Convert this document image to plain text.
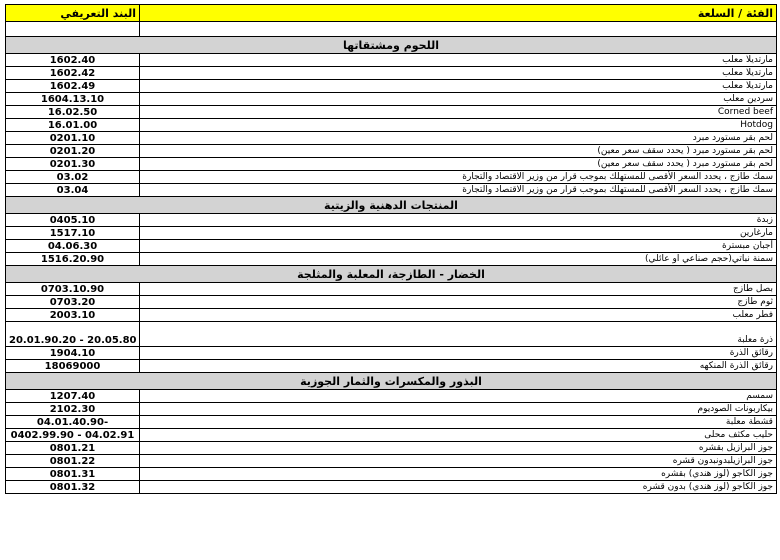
البند التعريفي	الفئة / السلعة

اللحوم ومشتقاتها	
1602.40	مارتديلا معلب
1602.42	مارتديلا معلب
1602.49	مارتديلا معلب
1604.13.10	سردين معلب
16.02.50	Corned beef
16.01.00	Hotdog
0201.10	لحم بقر مستورد مبرد
0201.20	لحم بقر مستورد مبرد ( يحدد سقف سعر معين)
0201.30	لحم بقر مستورد مبرد ( يحدد سقف سعر معين)
03.02	سمك طازج ، يحدد السعر الأقصى للمستهلك بموجب قرار من وزير الاقتصاد والتجارة
03.04	سمك طازج ، يحدد السعر الأقصى للمستهلك بموجب قرار من وزير الاقتصاد والتجارة
المنتجات الدهنية والزيتية	
0405.10	زبدة
1517.10	مارغارين
04.06.30	أجبان مبسترة
1516.20.90	سمنة نباتي(حجم صناعي او عائلي)
الخضار - الطازجة، المعلبة والمثلجة	
0703.10.90	بصل طازج
0703.20	ثوم طازج
2003.10	فطر معلب
20.01.90.20 - 20.05.80	ذرة معلبة
1904.10	رقائق الذرة
18069000	رقائق الذرة المنكهه
البذور والمكسرات والثمار الجوزية	
1207.40	سمسم
2102.30	بيكاربونات الصوديوم
04.01.40.90-	قشطة معلبة
0402.99.90 - 04.02.91	حليب مكثف محلى
0801.21	جوز البرازيل بقشره
0801.22	جوز البرازيلبدونبدون قشره
0801.31	جوز الكاجو (لوز هندي) بقشره
0801.32	جوز الكاجو (لوز هندي) بدون قشره
